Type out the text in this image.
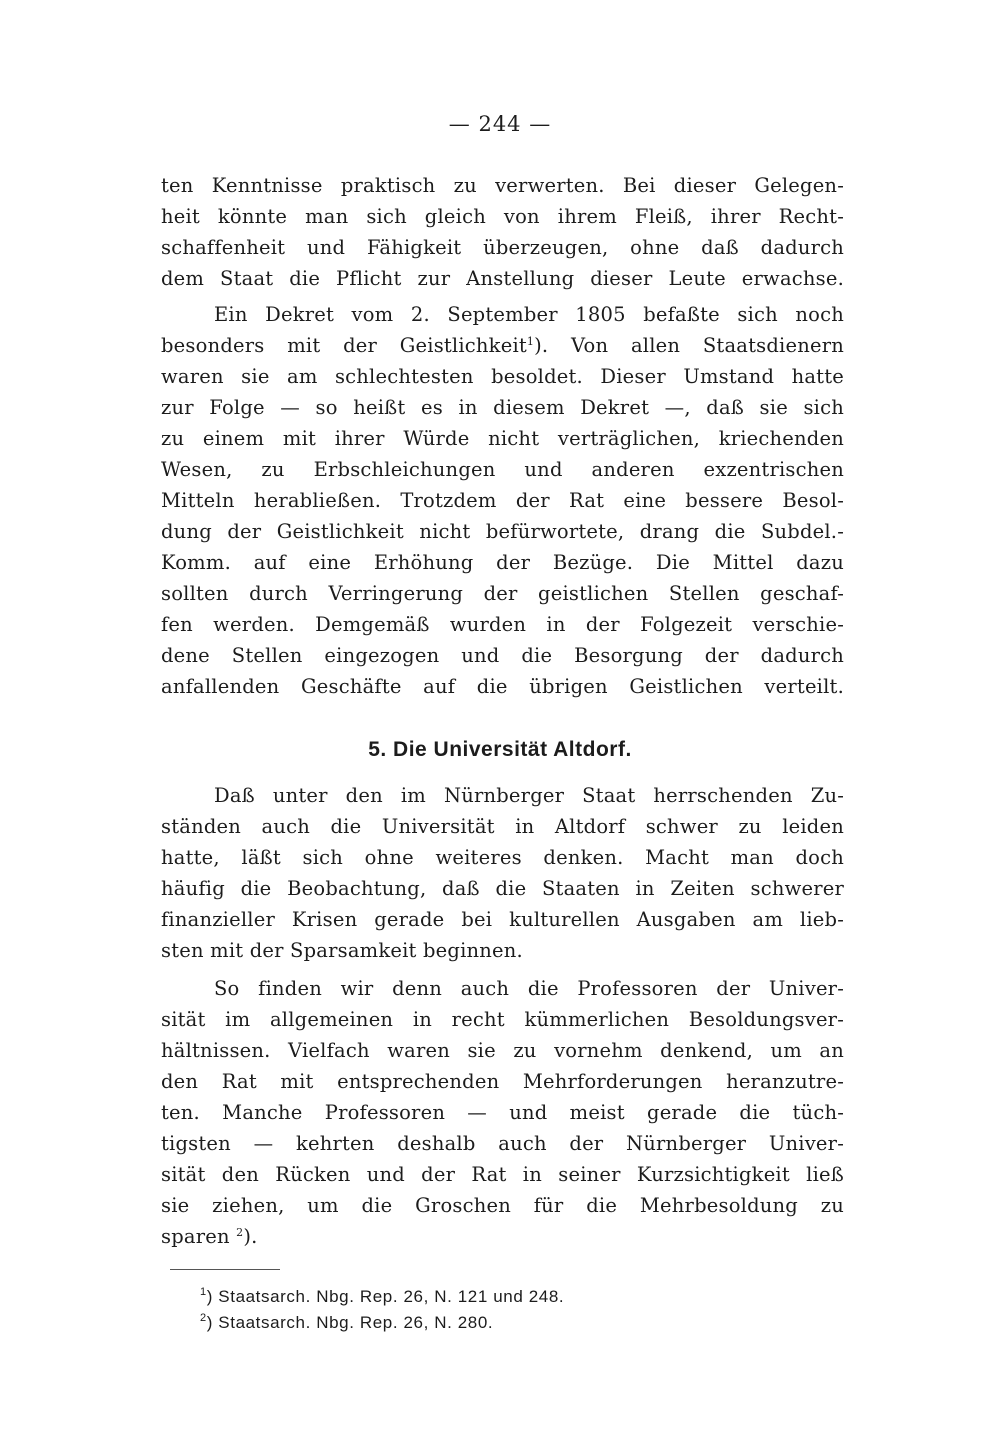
— 244 —
ten Kenntnisse praktisch zu verwerten. Bei dieser Gelegen-
heit könnte man sich gleich von ihrem Fleiß, ihrer Recht-
schaffenheit und Fähigkeit überzeugen, ohne daß dadurch
dem Staat die Pflicht zur Anstellung dieser Leute erwachse.
Ein Dekret vom 2. September 1805 befaßte sich noch
besonders mit der Geistlichkeit$^1$). Von allen Staatsdienern
waren sie am schlechtesten besoldet. Dieser Umstand hatte
zur Folge — so heißt es in diesem Dekret —, daß sie sich
zu einem mit ihrer Würde nicht verträglichen, kriechenden
Wesen, zu Erbschleichungen und anderen exzentrischen
Mitteln herabließen. Trotzdem der Rat eine bessere Besol-
dung der Geistlichkeit nicht befürwortete, drang die Subdel.-
Komm. auf eine Erhöhung der Bezüge. Die Mittel dazu
sollten durch Verringerung der geistlichen Stellen geschaf-
fen werden. Demgemäß wurden in der Folgezeit verschie-
dene Stellen eingezogen und die Besorgung der dadurch
anfallenden Geschäfte auf die übrigen Geistlichen verteilt.
5. Die Universität Altdorf.
Daß unter den im Nürnberger Staat herrschenden Zu-
ständen auch die Universität in Altdorf schwer zu leiden
hatte, läßt sich ohne weiteres denken. Macht man doch
häufig die Beobachtung, daß die Staaten in Zeiten schwerer
finanzieller Krisen gerade bei kulturellen Ausgaben am lieb-
sten mit der Sparsamkeit beginnen.
So finden wir denn auch die Professoren der Univer-
sität im allgemeinen in recht kümmerlichen Besoldungsver-
hältnissen. Vielfach waren sie zu vornehm denkend, um an
den Rat mit entsprechenden Mehrforderungen heranzutre-
ten. Manche Professoren — und meist gerade die tüch-
tigsten — kehrten deshalb auch der Nürnberger Univer-
sität den Rücken und der Rat in seiner Kurzsichtigkeit ließ
sie ziehen, um die Groschen für die Mehrbesoldung zu
sparen $^2$).
$^1$) Staatsarch. Nbg. Rep. 26, N. 121 und 248.
$^2$) Staatsarch. Nbg. Rep. 26, N. 280.
